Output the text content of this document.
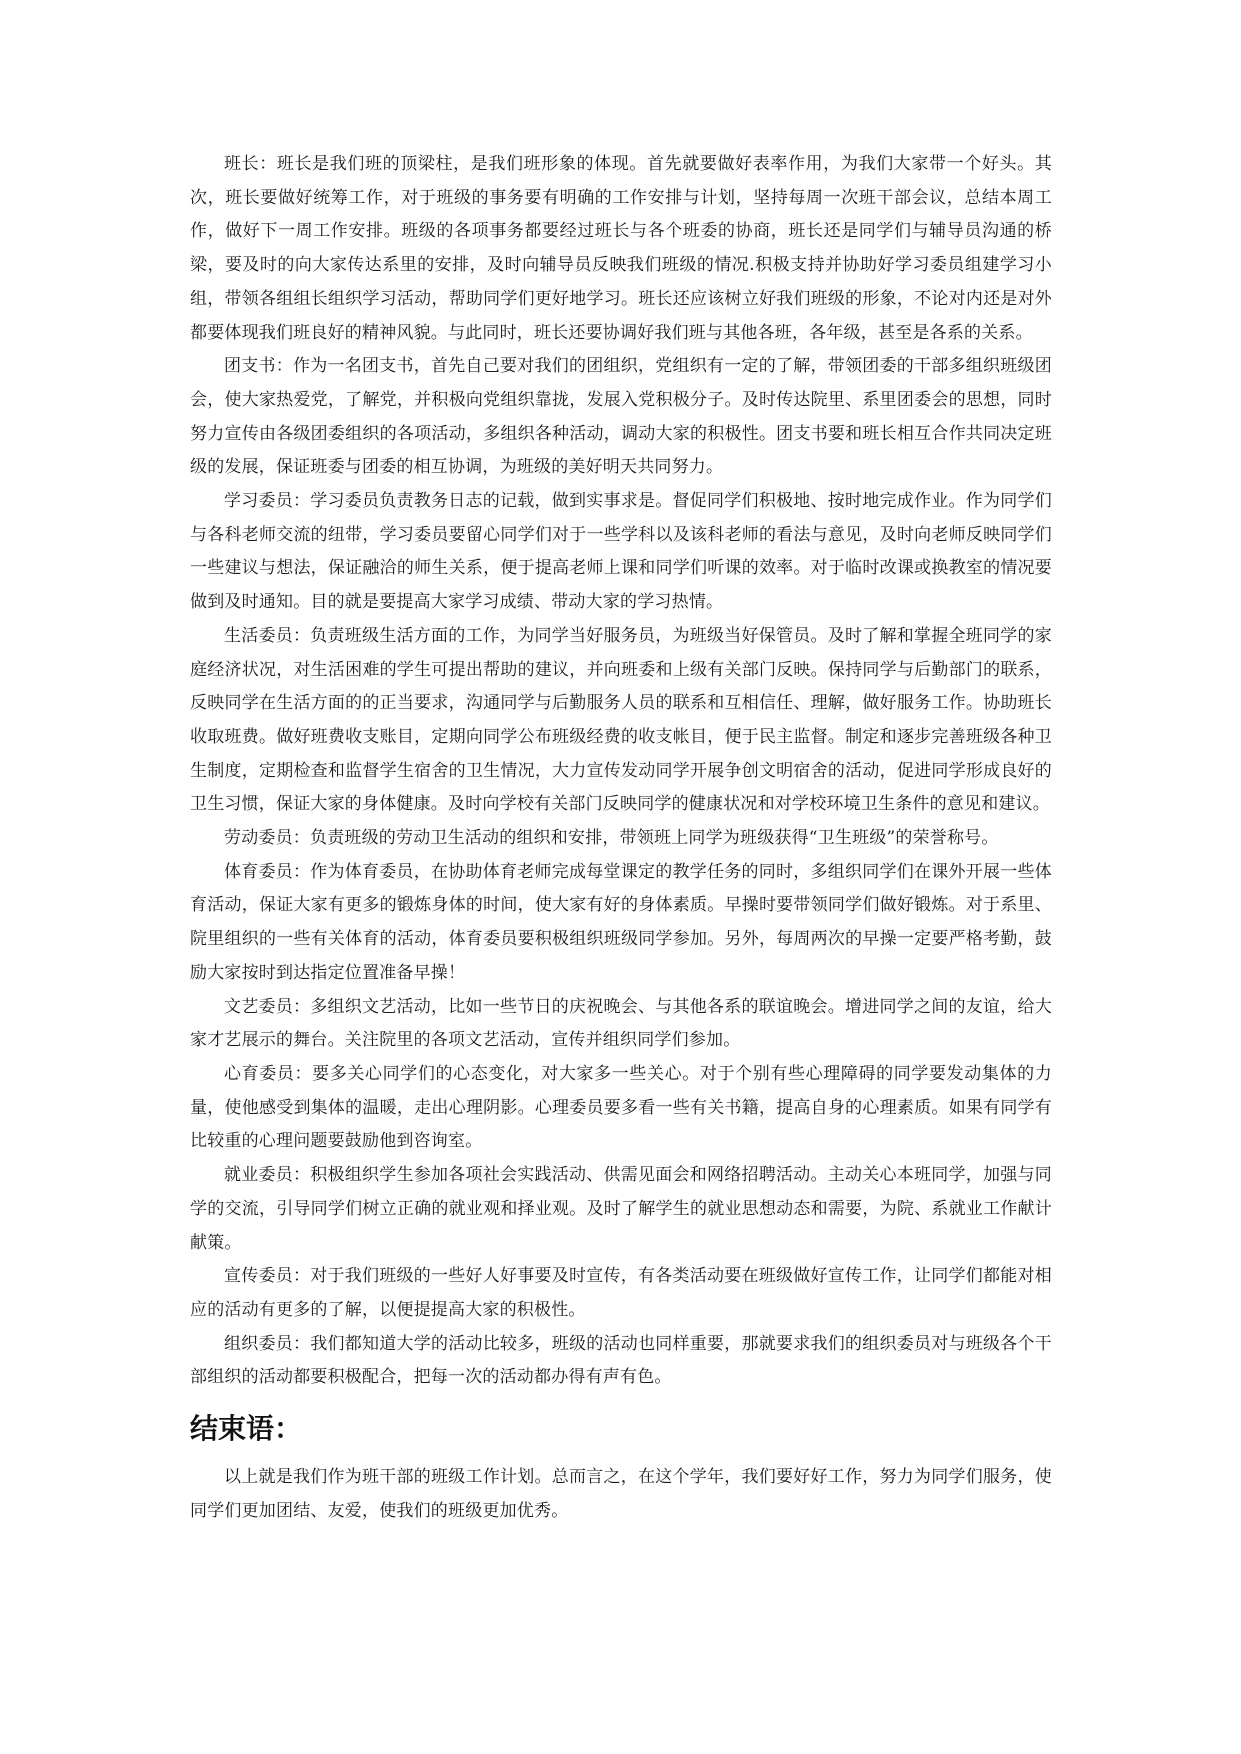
班长：班长是我们班的顶梁柱，是我们班形象的体现。首先就要做好表率作用，为我们大家带一个好头。其次，班长要做好统筹工作，对于班级的事务要有明确的工作安排与计划，坚持每周一次班干部会议，总结本周工作，做好下一周工作安排。班级的各项事务都要经过班长与各个班委的协商，班长还是同学们与辅导员沟通的桥梁，要及时的向大家传达系里的安排，及时向辅导员反映我们班级的情况.积极支持并协助好学习委员组建学习小组，带领各组组长组织学习活动，帮助同学们更好地学习。班长还应该树立好我们班级的形象，不论对内还是对外都要体现我们班良好的精神风貌。与此同时，班长还要协调好我们班与其他各班，各年级，甚至是各系的关系。

团支书：作为一名团支书，首先自己要对我们的团组织，党组织有一定的了解，带领团委的干部多组织班级团会，使大家热爱党，了解党，并积极向党组织靠拢，发展入党积极分子。及时传达院里、系里团委会的思想，同时努力宣传由各级团委组织的各项活动，多组织各种活动，调动大家的积极性。团支书要和班长相互合作共同决定班级的发展，保证班委与团委的相互协调，为班级的美好明天共同努力。

学习委员：学习委员负责教务日志的记载，做到实事求是。督促同学们积极地、按时地完成作业。作为同学们与各科老师交流的纽带，学习委员要留心同学们对于一些学科以及该科老师的看法与意见，及时向老师反映同学们一些建议与想法，保证融洽的师生关系，便于提高老师上课和同学们听课的效率。对于临时改课或换教室的情况要做到及时通知。目的就是要提高大家学习成绩、带动大家的学习热情。

生活委员：负责班级生活方面的工作，为同学当好服务员，为班级当好保管员。及时了解和掌握全班同学的家庭经济状况，对生活困难的学生可提出帮助的建议，并向班委和上级有关部门反映。保持同学与后勤部门的联系，反映同学在生活方面的的正当要求，沟通同学与后勤服务人员的联系和互相信任、理解，做好服务工作。协助班长收取班费。做好班费收支账目，定期向同学公布班级经费的收支帐目，便于民主监督。制定和逐步完善班级各种卫生制度，定期检查和监督学生宿舍的卫生情况，大力宣传发动同学开展争创文明宿舍的活动，促进同学形成良好的卫生习惯，保证大家的身体健康。及时向学校有关部门反映同学的健康状况和对学校环境卫生条件的意见和建议。

劳动委员：负责班级的劳动卫生活动的组织和安排，带领班上同学为班级获得“卫生班级”的荣誉称号。

体育委员：作为体育委员，在协助体育老师完成每堂课定的教学任务的同时，多组织同学们在课外开展一些体育活动，保证大家有更多的锻炼身体的时间，使大家有好的身体素质。早操时要带领同学们做好锻炼。对于系里、院里组织的一些有关体育的活动，体育委员要积极组织班级同学参加。另外，每周两次的早操一定要严格考勤，鼓励大家按时到达指定位置准备早操！

文艺委员：多组织文艺活动，比如一些节日的庆祝晚会、与其他各系的联谊晚会。增进同学之间的友谊，给大家才艺展示的舞台。关注院里的各项文艺活动，宣传并组织同学们参加。

心育委员：要多关心同学们的心态变化，对大家多一些关心。对于个别有些心理障碍的同学要发动集体的力量，使他感受到集体的温暖，走出心理阴影。心理委员要多看一些有关书籍，提高自身的心理素质。如果有同学有比较重的心理问题要鼓励他到咨询室。

就业委员：积极组织学生参加各项社会实践活动、供需见面会和网络招聘活动。主动关心本班同学，加强与同学的交流，引导同学们树立正确的就业观和择业观。及时了解学生的就业思想动态和需要，为院、系就业工作献计献策。

宣传委员：对于我们班级的一些好人好事要及时宣传，有各类活动要在班级做好宣传工作，让同学们都能对相应的活动有更多的了解，以便提提高大家的积极性。

组织委员：我们都知道大学的活动比较多，班级的活动也同样重要，那就要求我们的组织委员对与班级各个干部组织的活动都要积极配合，把每一次的活动都办得有声有色。

结束语：

以上就是我们作为班干部的班级工作计划。总而言之，在这个学年，我们要好好工作，努力为同学们服务，使同学们更加团结、友爱，使我们的班级更加优秀。
